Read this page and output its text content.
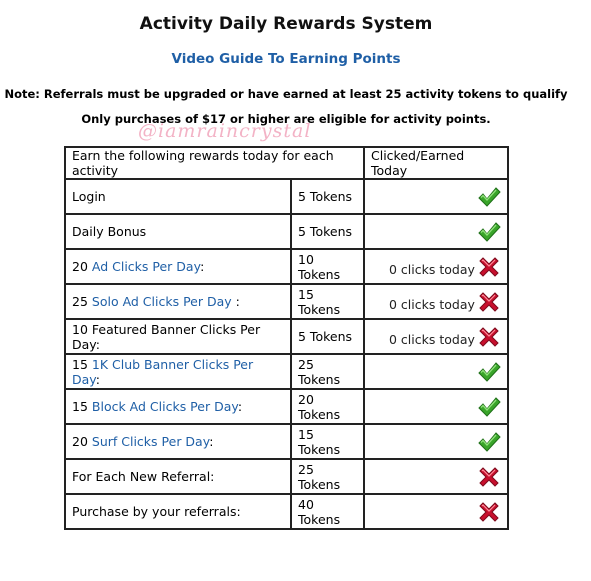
Activity Daily Rewards System
Video Guide To Earning Points
Note: Referrals must be upgraded or have earned at least 25 activity tokens to qualify
Only purchases of $17 or higher are eligible for activity points.
@iamraincrystal
Earn the following rewards today for each activity		Clicked/Earned Today
Login	5 Tokens	

Daily Bonus	5 Tokens	

20 Ad Clicks Per Day:	10 Tokens	0 clicks today

25 Solo Ad Clicks Per Day :	15 Tokens	0 clicks today

10 Featured Banner Clicks Per Day:	5 Tokens	0 clicks today

15 1K Club Banner Clicks Per Day:	25 Tokens	

15 Block Ad Clicks Per Day:	20 Tokens	

20 Surf Clicks Per Day:	15 Tokens	

For Each New Referral:	25 Tokens	

Purchase by your referrals:	40 Tokens	
